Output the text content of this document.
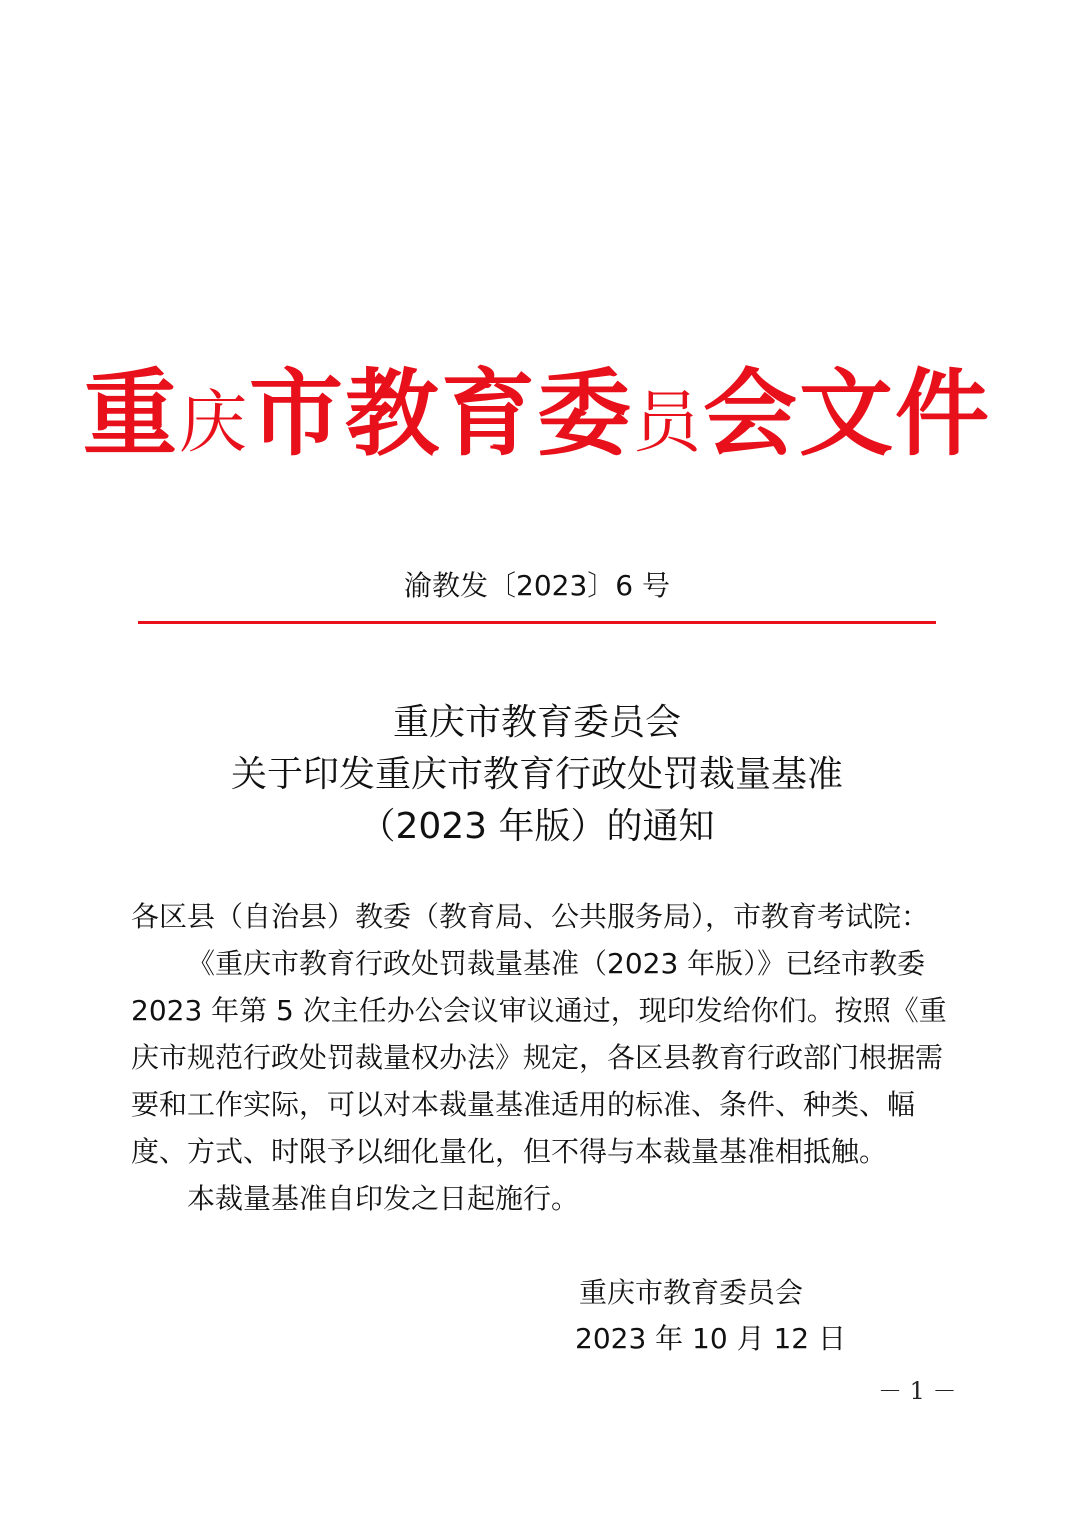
重庆市教育委员会文件
渝教发〔2023〕6 号
重庆市教育委员会
关于印发重庆市教育行政处罚裁量基准
（2023 年版）的通知

各区县（自治县）教委（教育局、公共服务局），市教育考试院：

《重庆市教育行政处罚裁量基准（2023 年版）》已经市教委 2023 年第 5 次主任办公会议审议通过，现印发给你们。按照《重庆市规范行政处罚裁量权办法》规定，各区县教育行政部门根据需要和工作实际，可以对本裁量基准适用的标准、条件、种类、幅度、方式、时限予以细化量化，但不得与本裁量基准相抵触。

本裁量基准自印发之日起施行。

重庆市教育委员会
2023 年 10 月 12 日
－ 1 －
